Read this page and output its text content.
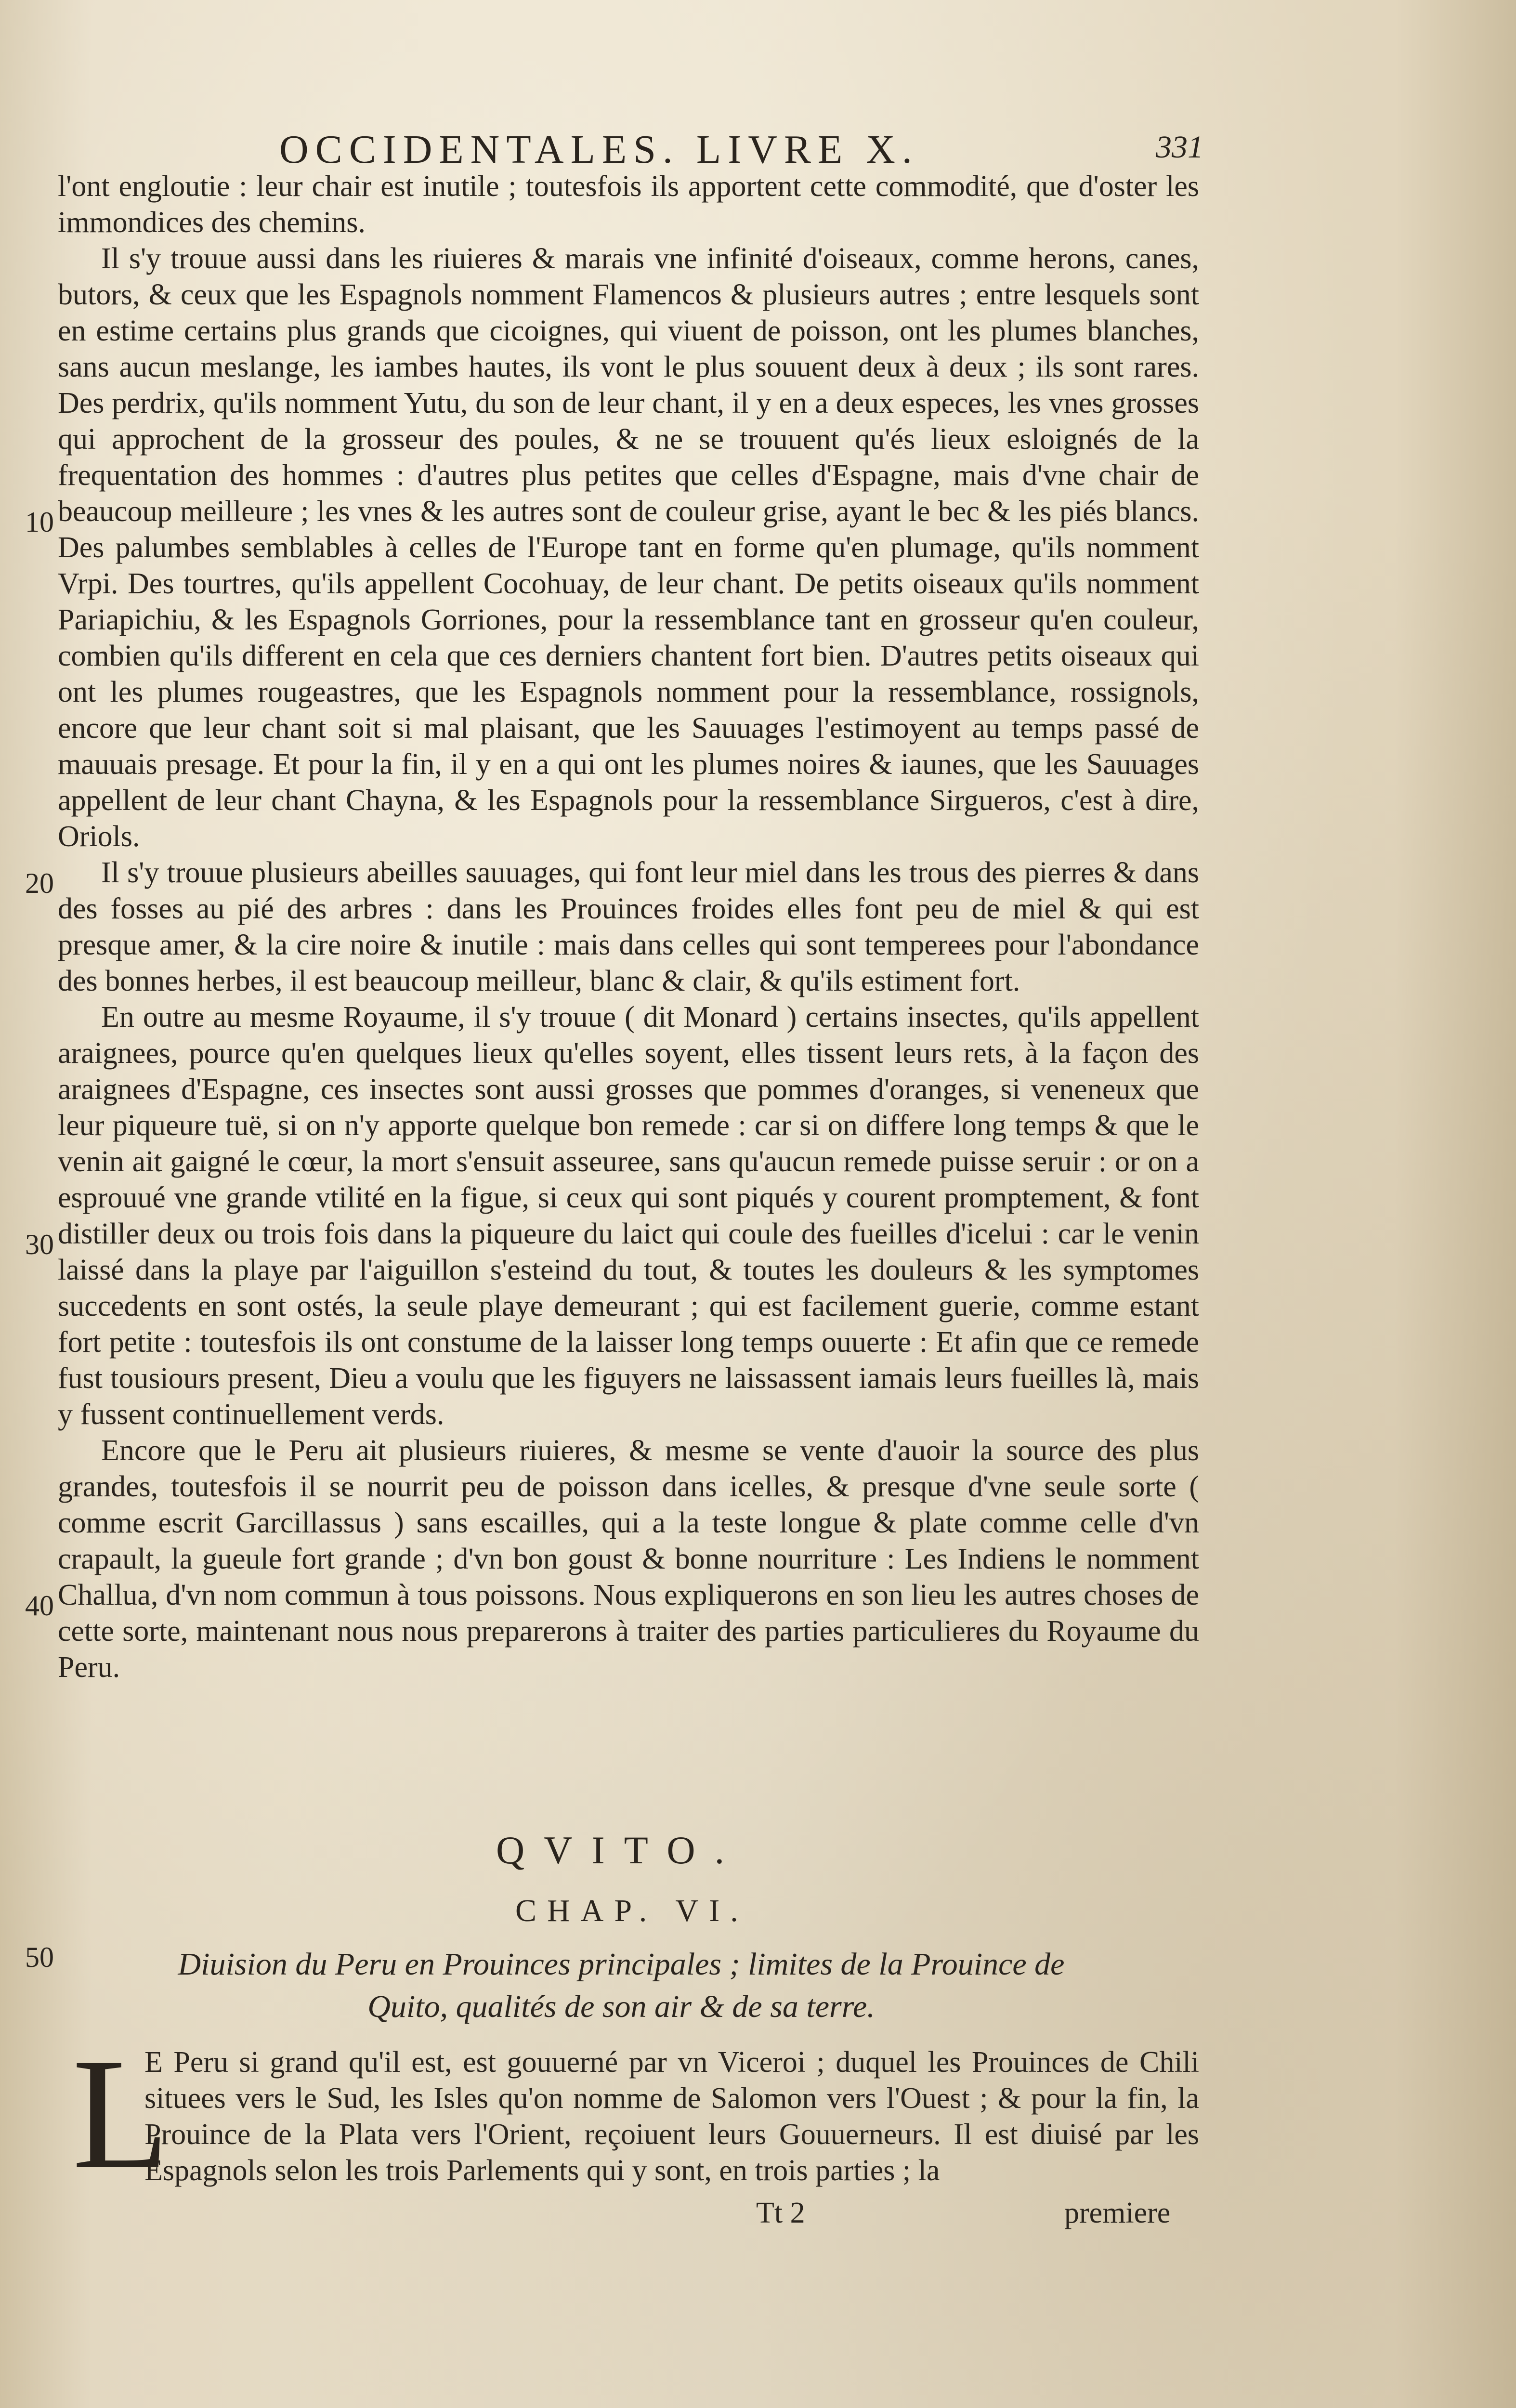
OCCIDENTALES. LIVRE X.	331
10
20
30
40
50

l'ont engloutie : leur chair est inutile ; toutesfois ils apportent cette commodité, que d'oster les immondices des chemins.

Il s'y trouue aussi dans les riuieres & marais vne infinité d'oiseaux, comme herons, canes, butors, & ceux que les Espagnols nomment Flamencos & plusieurs autres ; entre lesquels sont en estime certains plus grands que cicoignes, qui viuent de poisson, ont les plumes blanches, sans aucun meslange, les iambes hautes, ils vont le plus souuent deux à deux ; ils sont rares. Des perdrix, qu'ils nomment Yutu, du son de leur chant, il y en a deux especes, les vnes grosses qui approchent de la grosseur des poules, & ne se trouuent qu'és lieux esloignés de la frequentation des hommes : d'autres plus petites que celles d'Espagne, mais d'vne chair de beaucoup meilleure ; les vnes & les autres sont de couleur grise, ayant le bec & les piés blancs. Des palumbes semblables à celles de l'Europe tant en forme qu'en plumage, qu'ils nomment Vrpi. Des tourtres, qu'ils appellent Cocohuay, de leur chant. De petits oiseaux qu'ils nomment Pariapichiu, & les Espagnols Gorriones, pour la ressemblance tant en grosseur qu'en couleur, combien qu'ils different en cela que ces derniers chantent fort bien. D'autres petits oiseaux qui ont les plumes rougeastres, que les Espagnols nomment pour la ressemblance, rossignols, encore que leur chant soit si mal plaisant, que les Sauuages l'estimoyent au temps passé de mauuais presage. Et pour la fin, il y en a qui ont les plumes noires & iaunes, que les Sauuages appellent de leur chant Chayna, & les Espagnols pour la ressemblance Sirgueros, c'est à dire, Oriols.

Il s'y trouue plusieurs abeilles sauuages, qui font leur miel dans les trous des pierres & dans des fosses au pié des arbres : dans les Prouinces froides elles font peu de miel & qui est presque amer, & la cire noire & inutile : mais dans celles qui sont temperees pour l'abondance des bonnes herbes, il est beaucoup meilleur, blanc & clair, & qu'ils estiment fort.

En outre au mesme Royaume, il s'y trouue ( dit Monard ) certains insectes, qu'ils appellent araignees, pource qu'en quelques lieux qu'elles soyent, elles tissent leurs rets, à la façon des araignees d'Espagne, ces insectes sont aussi grosses que pommes d'oranges, si veneneux que leur piqueure tuë, si on n'y apporte quelque bon remede : car si on differe long temps & que le venin ait gaigné le cœur, la mort s'ensuit asseuree, sans qu'aucun remede puisse seruir : or on a esprouué vne grande vtilité en la figue, si ceux qui sont piqués y courent promptement, & font distiller deux ou trois fois dans la piqueure du laict qui coule des fueilles d'icelui : car le venin laissé dans la playe par l'aiguillon s'esteind du tout, & toutes les douleurs & les symptomes succedents en sont ostés, la seule playe demeurant ; qui est facilement guerie, comme estant fort petite : toutesfois ils ont constume de la laisser long temps ouuerte : Et afin que ce remede fust tousiours present, Dieu a voulu que les figuyers ne laissassent iamais leurs fueilles là, mais y fussent continuellement verds.

Encore que le Peru ait plusieurs riuieres, & mesme se vente d'auoir la source des plus grandes, toutesfois il se nourrit peu de poisson dans icelles, & presque d'vne seule sorte ( comme escrit Garcillassus ) sans escailles, qui a la teste longue & plate comme celle d'vn crapault, la gueule fort grande ; d'vn bon goust & bonne nourriture : Les Indiens le nomment Challua, d'vn nom commun à tous poissons. Nous expliquerons en son lieu les autres choses de cette sorte, maintenant nous nous preparerons à traiter des parties particulieres du Royaume du Peru.

QVITO.
CHAP. VI.
Diuision du Peru en Prouinces principales ; limites de la Prouince de
Quito, qualités de son air & de sa terre.
L
E Peru si grand qu'il est, est gouuerné par vn Viceroi ; duquel les Prouinces de Chili situees vers le Sud, les Isles qu'on nomme de Salomon vers l'Ouest ; & pour la fin, la Prouince de la Plata vers l'Orient, reçoiuent leurs Gouuerneurs. Il est diuisé par les Espagnols selon les trois Parlements qui y sont, en trois parties ; la
Tt 2	premiere
